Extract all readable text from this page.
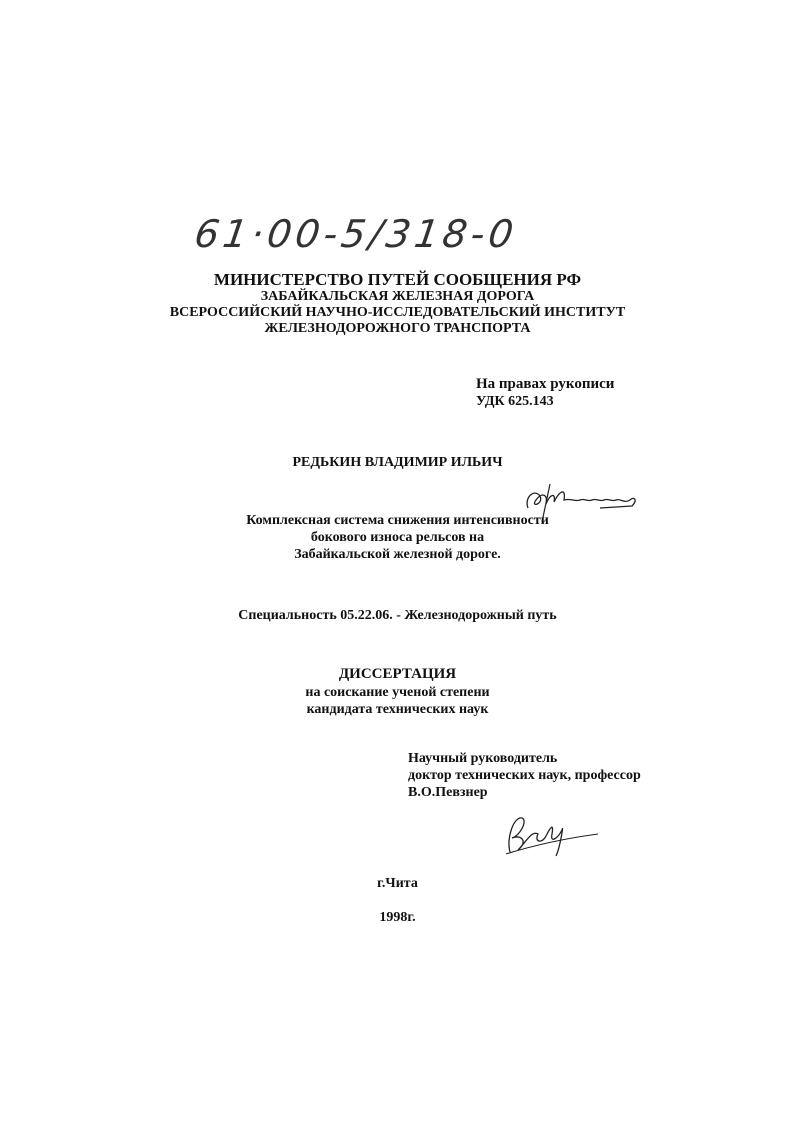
61·00-5/318-0
МИНИСТЕРСТВО ПУТЕЙ СООБЩЕНИЯ РФ
ЗАБАЙКАЛЬСКАЯ ЖЕЛЕЗНАЯ ДОРОГА
ВСЕРОССИЙСКИЙ НАУЧНО-ИССЛЕДОВАТЕЛЬСКИЙ ИНСТИТУТ
ЖЕЛЕЗНОДОРОЖНОГО ТРАНСПОРТА
На правах рукописи
УДК 625.143
РЕДЬКИН ВЛАДИМИР ИЛЬИЧ
Комплексная система снижения интенсивности
бокового износа рельсов на
Забайкальской железной дороге.
Специальность 05.22.06. - Железнодорожный путь
ДИССЕРТАЦИЯ
на соискание ученой степени
кандидата технических наук
Научный руководитель
доктор технических наук, профессор
В.О.Певзнер
г.Чита
1998г.
